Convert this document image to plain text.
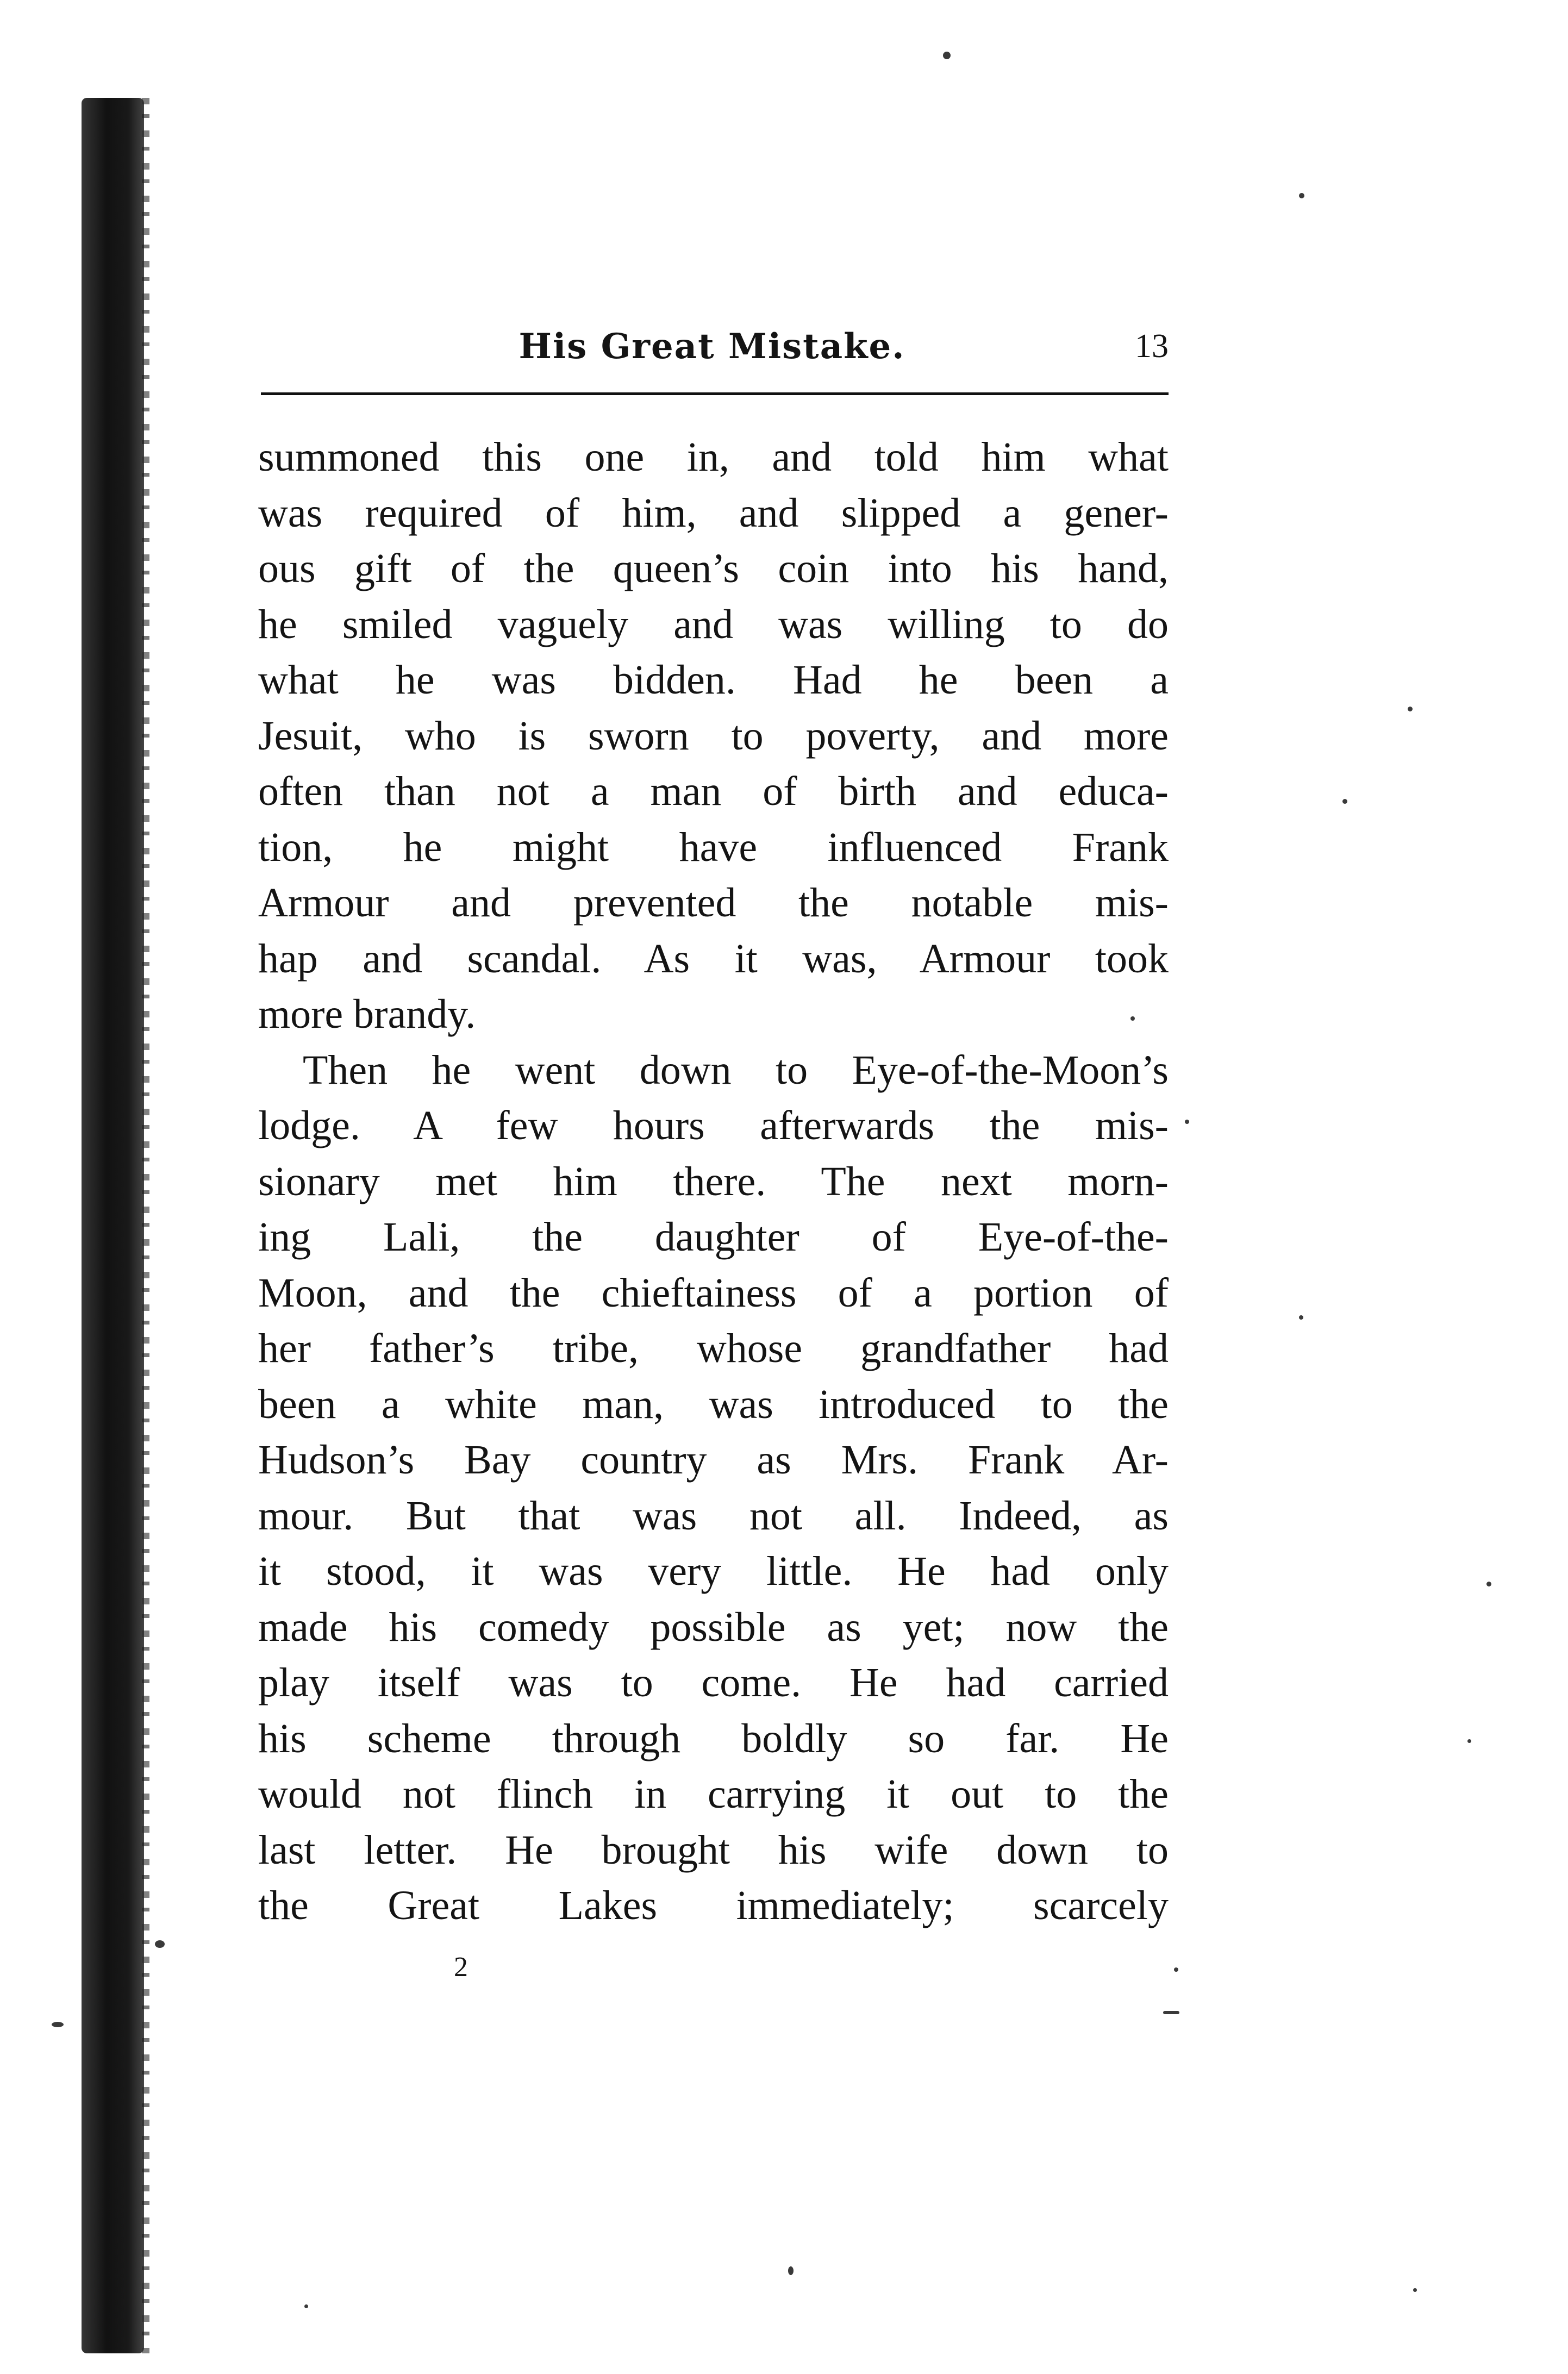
His Great Mistake.	13
summoned this one in, and told him what
was required of him, and slipped a gener-
ous gift of the queen’s coin into his hand,
he smiled vaguely and was willing to do
what he was bidden. Had he been a
Jesuit, who is sworn to poverty, and more
often than not a man of birth and educa-
tion, he might have influenced Frank
Armour and prevented the notable mis-
hap and scandal. As it was, Armour took
more brandy.
Then he went down to Eye-of-the-Moon’s
lodge. A few hours afterwards the mis-
sionary met him there. The next morn-
ing Lali, the daughter of Eye-of-the-
Moon, and the chieftainess of a portion of
her father’s tribe, whose grandfather had
been a white man, was introduced to the
Hudson’s Bay country as Mrs. Frank Ar-
mour. But that was not all. Indeed, as
it stood, it was very little. He had only
made his comedy possible as yet; now the
play itself was to come. He had carried
his scheme through boldly so far. He
would not flinch in carrying it out to the
last letter. He brought his wife down to
the Great Lakes immediately; scarcely
2
